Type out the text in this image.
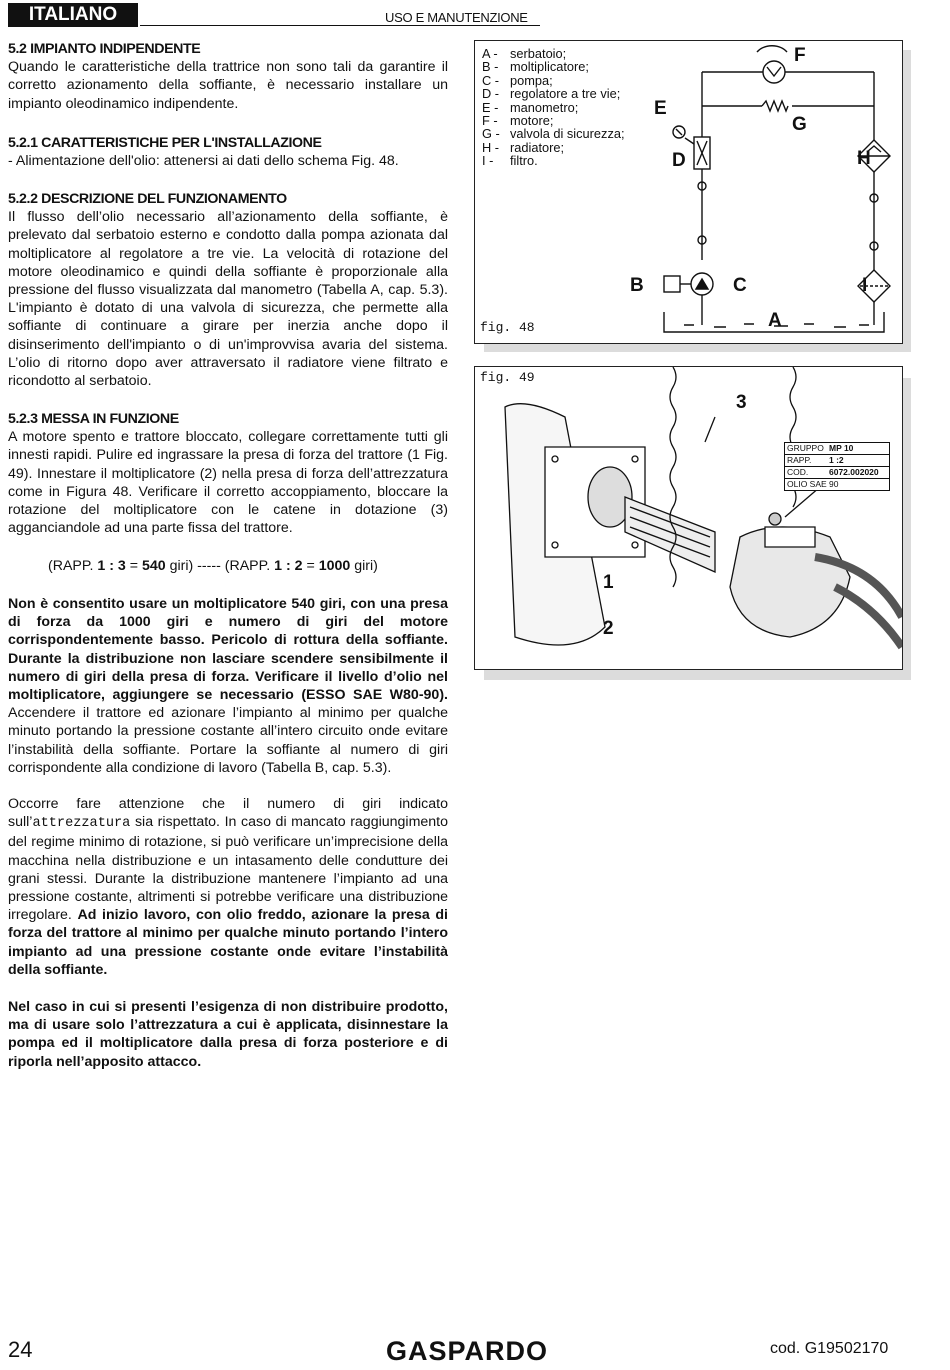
ITALIANO	USO E MANUTENZIONE

5.2 IMPIANTO INDIPENDENTE

Quando le caratteristiche della trattrice non sono tali da garantire il corretto azionamento della soffiante, è necessario installare un impianto oleodinamico indipendente.

5.2.1 CARATTERISTICHE PER L'INSTALLAZIONE

- Alimentazione dell'olio: attenersi ai dati dello schema Fig. 48.

5.2.2 DESCRIZIONE DEL FUNZIONAMENTO

Il flusso dell’olio necessario all’azionamento della soffiante, è prelevato dal serbatoio esterno e condotto dalla pompa azionata dal moltiplicatore al regolatore a tre vie. La velocità di rotazione del motore oleodinamico e quindi della soffiante è proporzionale alla pressione del flusso visualizzata dal manometro (Tabella A, cap. 5.3). L'impianto è dotato di una valvola di sicurezza, che permette alla soffiante di continuare a girare per inerzia anche dopo il disinserimento dell'impianto o di un'improvvisa avaria del sistema. L’olio di ritorno dopo aver attraversato il radiatore viene filtrato e ricondotto al serbatoio.

5.2.3 MESSA IN FUNZIONE

A motore spento e trattore bloccato, collegare correttamente tutti gli innesti rapidi. Pulire ed ingrassare la presa di forza del trattore (1 Fig. 49). Innestare il moltiplicatore (2) nella presa di forza dell’attrezzatura come in Figura 48. Verificare il corretto accoppiamento, bloccare la rotazione del moltiplicatore con le catene in dotazione (3) agganciandole ad una parte fissa del trattore.

(RAPP. 1 : 3 = 540 giri) ----- (RAPP. 1 : 2 = 1000 giri)

Non è consentito usare un moltiplicatore 540 giri, con una presa di forza da 1000 giri e numero di giri del motore corrispondentemente basso. Pericolo di rottura della soffiante. Durante la distribuzione non lasciare scendere sensibilmente il numero di giri della presa di forza. Verificare il livello d’olio nel moltiplicatore, aggiungere se necessario (ESSO SAE W80-90). Accendere il trattore ed azionare l’impianto al minimo per qualche minuto portando la pressione costante all’intero circuito onde evitare l’instabilità della soffiante. Portare la soffiante al numero di giri corrispondente alla condizione di lavoro (Tabella B, cap. 5.3).

Occorre fare attenzione che il numero di giri indicato sull’attrezzatura sia rispettato. In caso di mancato raggiungimento del regime minimo di rotazione, si può verificare un’imprecisione della macchina nella distribuzione e un intasamento delle condutture dei grani stessi. Durante la distribuzione mantenere l’impianto ad una pressione costante, altrimenti si potrebbe verificare una distribuzione irregolare. Ad inizio lavoro, con olio freddo, azionare la presa di forza del trattore al minimo per qualche minuto portando l’intero impianto ad una pressione costante onde evitare l’instabilità della soffiante.

Nel caso in cui si presenti l’esigenza di non distribuire prodotto, ma di usare solo l’attrezzatura a cui è applicata, disinnestare la pompa ed il moltiplicatore dalla presa di forza posteriore e di riporla nell’apposito attacco.

A - serbatoio;
B - moltiplicatore;
C - pompa;
D - regolatore a tre vie;
E - manometro;
F - motore;
G - valvola di sicurezza;
H - radiatore;
I -	filtro.
E
D
F
G
H
B	C	I
A
fig. 48
3
1
2
fig. 49
GRUPPO MP 10
RAPP.	1 :2
COD.	6072.002020
OLIO SAE 90
24	GASPARDO	cod. G19502170
